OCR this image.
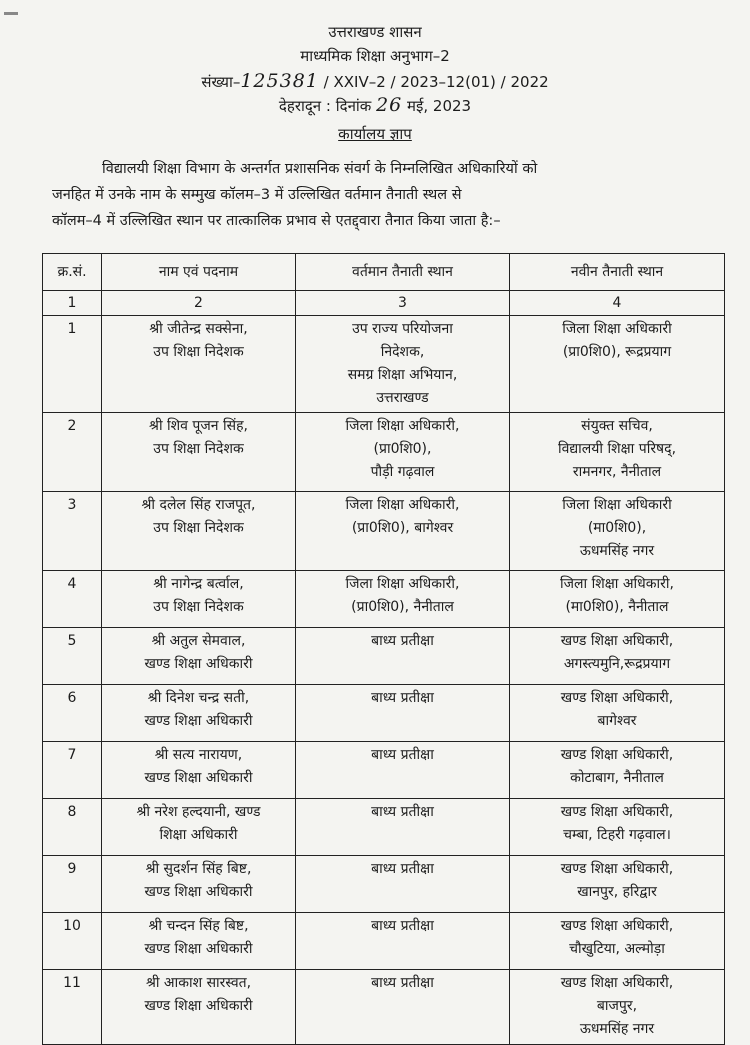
उत्तराखण्ड शासन
माध्यमिक शिक्षा अनुभाग–2
संख्या–125381 / XXIV–2 / 2023–12(01) / 2022
देहरादून : दिनांक 26 मई, 2023
कार्यालय ज्ञाप
विद्यालयी शिक्षा विभाग के अन्तर्गत प्रशासनिक संवर्ग के निम्नलिखित अधिकारियों को
जनहित में उनके नाम के सम्मुख कॉलम–3 में उल्लिखित वर्तमान तैनाती स्थल से
कॉलम–4 में उल्लिखित स्थान पर तात्कालिक प्रभाव से एतद्द्वारा तैनात किया जाता है:–
क्र.सं.	नाम एवं पदनाम	वर्तमान तैनाती स्थान	नवीन तैनाती स्थान
1	2	3	4
1	श्री जीतेन्द्र सक्सेना,
उप शिक्षा निदेशक	उप राज्य परियोजना
निदेशक,
समग्र शिक्षा अभियान,
उत्तराखण्ड	जिला शिक्षा अधिकारी
(प्रा0शि0), रूद्रप्रयाग

2	श्री शिव पूजन सिंह,
उप शिक्षा निदेशक	जिला शिक्षा अधिकारी,
(प्रा0शि0),
पौड़ी गढ़वाल	संयुक्त सचिव,
विद्यालयी शिक्षा परिषद्,
रामनगर, नैनीताल

3	श्री दलेल सिंह राजपूत,
उप शिक्षा निदेशक	जिला शिक्षा अधिकारी,
(प्रा0शि0), बागेश्वर	जिला शिक्षा अधिकारी
(मा0शि0),
ऊधमसिंह नगर

4	श्री नागेन्द्र बर्त्वाल,
उप शिक्षा निदेशक	जिला शिक्षा अधिकारी,
(प्रा0शि0), नैनीताल	जिला शिक्षा अधिकारी,
(मा0शि0), नैनीताल

5	श्री अतुल सेमवाल,
खण्ड शिक्षा अधिकारी	बाध्य प्रतीक्षा	खण्ड शिक्षा अधिकारी,
अगस्त्यमुनि,रूद्रप्रयाग

6	श्री दिनेश चन्द्र सती,
खण्ड शिक्षा अधिकारी	बाध्य प्रतीक्षा	खण्ड शिक्षा अधिकारी,
बागेश्वर

7	श्री सत्य नारायण,
खण्ड शिक्षा अधिकारी	बाध्य प्रतीक्षा	खण्ड शिक्षा अधिकारी,
कोटाबाग, नैनीताल

8	श्री नरेश हल्दयानी, खण्ड
शिक्षा अधिकारी	बाध्य प्रतीक्षा	खण्ड शिक्षा अधिकारी,
चम्बा, टिहरी गढ़वाल।

9	श्री सुदर्शन सिंह बिष्ट,
खण्ड शिक्षा अधिकारी	बाध्य प्रतीक्षा	खण्ड शिक्षा अधिकारी,
खानपुर, हरिद्वार

10	श्री चन्दन सिंह बिष्ट,
खण्ड शिक्षा अधिकारी	बाध्य प्रतीक्षा	खण्ड शिक्षा अधिकारी,
चौखुटिया, अल्मोड़ा

11	श्री आकाश सारस्वत,
खण्ड शिक्षा अधिकारी	बाध्य प्रतीक्षा	खण्ड शिक्षा अधिकारी,
बाजपुर,
ऊधमसिंह नगर
